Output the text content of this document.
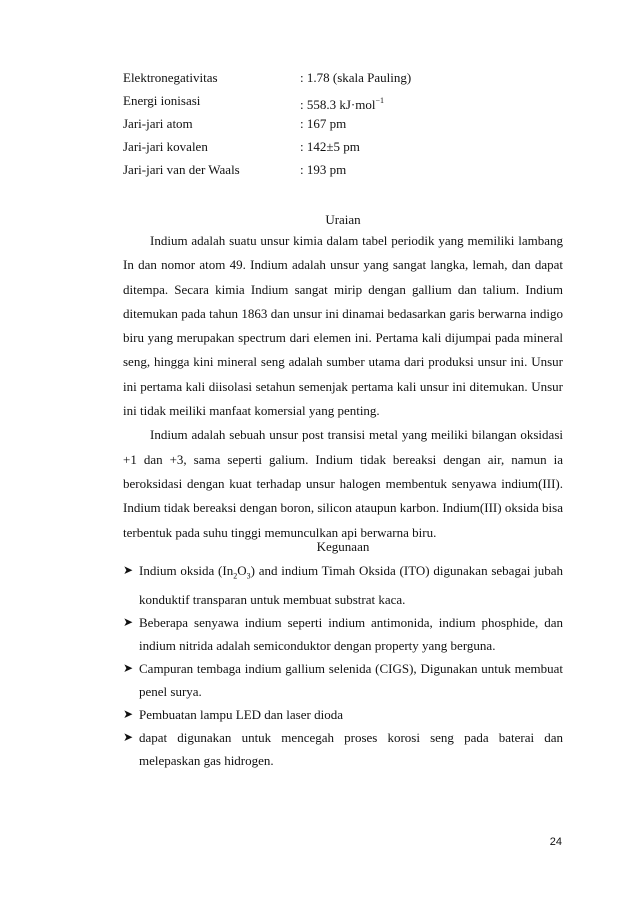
Elektronegativitas	: 1.78 (skala Pauling)
Energi ionisasi	: 558.3 kJ·mol$^{-1}$
Jari-jari atom	: 167 pm
Jari-jari kovalen	: 142±5 pm
Jari-jari van der Waals	: 193 pm
Uraian

Indium adalah suatu unsur kimia dalam tabel periodik yang memiliki lambang In dan nomor atom 49. Indium adalah unsur yang sangat langka, lemah, dan dapat ditempa. Secara kimia Indium sangat mirip dengan gallium dan talium. Indium ditemukan pada tahun 1863 dan unsur ini dinamai bedasarkan garis berwarna indigo biru yang merupakan spectrum dari elemen ini. Pertama kali dijumpai pada mineral seng, hingga kini mineral seng adalah sumber utama dari produksi unsur ini. Unsur ini pertama kali diisolasi setahun semenjak pertama kali unsur ini ditemukan. Unsur ini tidak meiliki manfaat komersial yang penting.

Indium adalah sebuah unsur post transisi metal yang meiliki bilangan oksidasi +1 dan +3, sama seperti galium. Indium tidak bereaksi dengan air, namun ia beroksidasi dengan kuat terhadap unsur halogen membentuk senyawa indium(III). Indium tidak bereaksi dengan boron, silicon ataupun karbon. Indium(III) oksida bisa terbentuk pada suhu tinggi memunculkan api berwarna biru.

Kegunaan
➤ Indium oksida $(In_2O_3)$ and indium Timah Oksida (ITO) digunakan sebagai jubah konduktif transparan untuk membuat substrat kaca.
➤ Beberapa senyawa indium seperti indium antimonida, indium phosphide, dan indium nitrida adalah semiconduktor dengan property yang berguna.
➤ Campuran tembaga indium gallium selenida (CIGS), Digunakan untuk membuat penel surya.
➤ Pembuatan lampu LED dan laser dioda
➤ dapat digunakan untuk mencegah proses korosi seng pada baterai dan melepaskan gas hidrogen.
24
